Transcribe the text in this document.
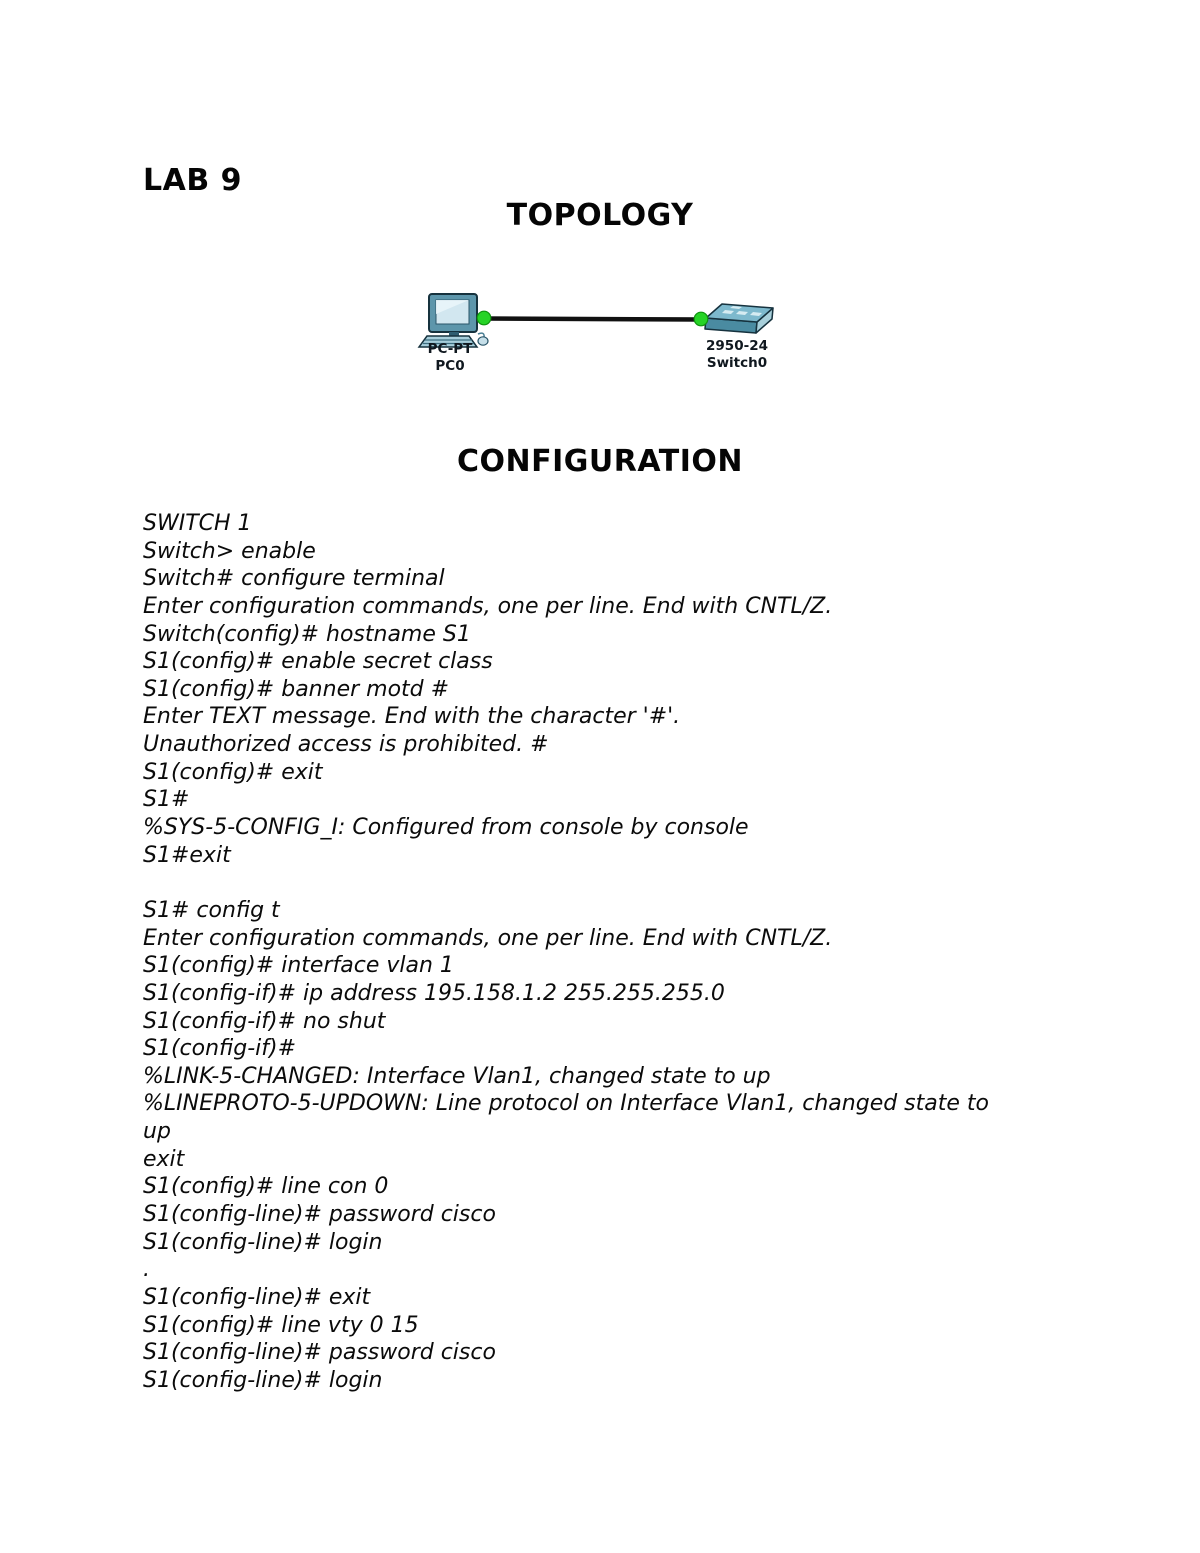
LAB 9
TOPOLOGY
PC-PT
PC0
2950-24
Switch0
CONFIGURATION
SWITCH 1
Switch> enable
Switch# configure terminal
Enter configuration commands, one per line. End with CNTL/Z.
Switch(config)# hostname S1
S1(config)# enable secret class
S1(config)# banner motd #
Enter TEXT message. End with the character '#'.
Unauthorized access is prohibited. #
S1(config)# exit
S1#
%SYS-5-CONFIG_I: Configured from console by console
S1#exit
S1# config t
Enter configuration commands, one per line. End with CNTL/Z.
S1(config)# interface vlan 1
S1(config-if)# ip address 195.158.1.2 255.255.255.0
S1(config-if)# no shut
S1(config-if)#
%LINK-5-CHANGED: Interface Vlan1, changed state to up
%LINEPROTO-5-UPDOWN: Line protocol on Interface Vlan1, changed state to
up
exit
S1(config)# line con 0
S1(config-line)# password cisco
S1(config-line)# login
.
S1(config-line)# exit
S1(config)# line vty 0 15
S1(config-line)# password cisco
S1(config-line)# login
